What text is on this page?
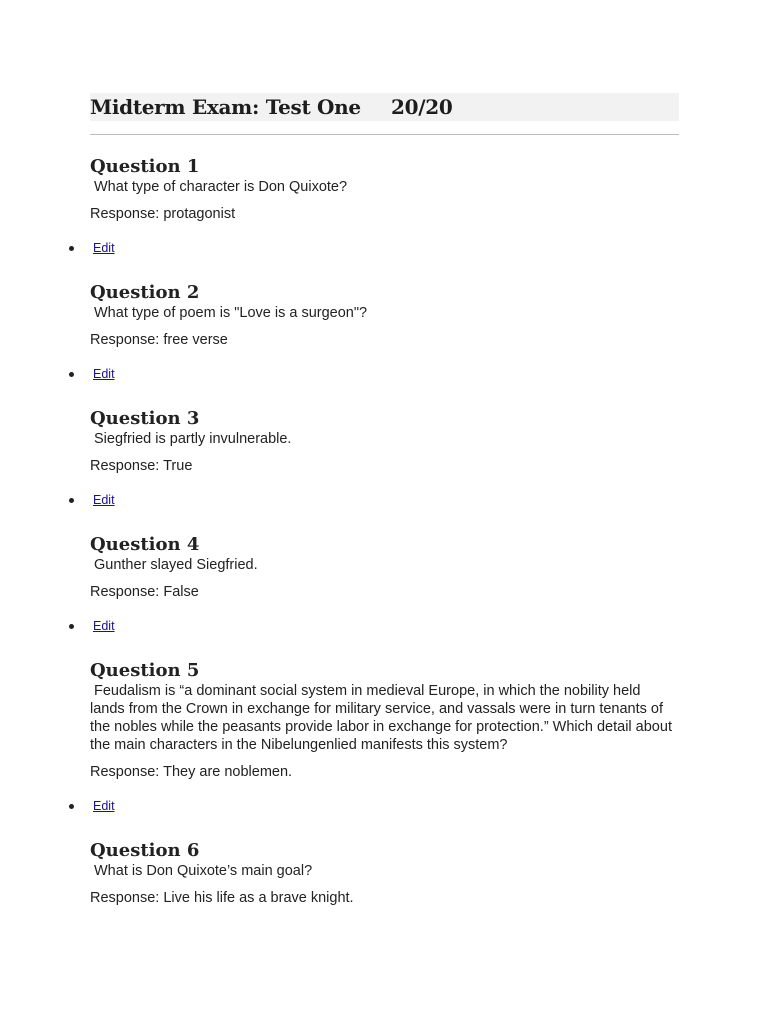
Midterm Exam: Test One	20/20
Question 1

What type of character is Don Quixote?

Response: protagonist
Edit
Question 2

What type of poem is "Love is a surgeon"?

Response: free verse
Edit
Question 3

Siegfried is partly invulnerable.

Response: True
Edit
Question 4

Gunther slayed Siegfried.

Response: False
Edit
Question 5

Feudalism is “a dominant social system in medieval Europe, in which the nobility held lands from the Crown in exchange for military service, and vassals were in turn tenants of the nobles while the peasants provide labor in exchange for protection.” Which detail about the main characters in the Nibelungenlied manifests this system?

Response: They are noblemen.
Edit
Question 6

What is Don Quixote’s main goal?

Response: Live his life as a brave knight.
